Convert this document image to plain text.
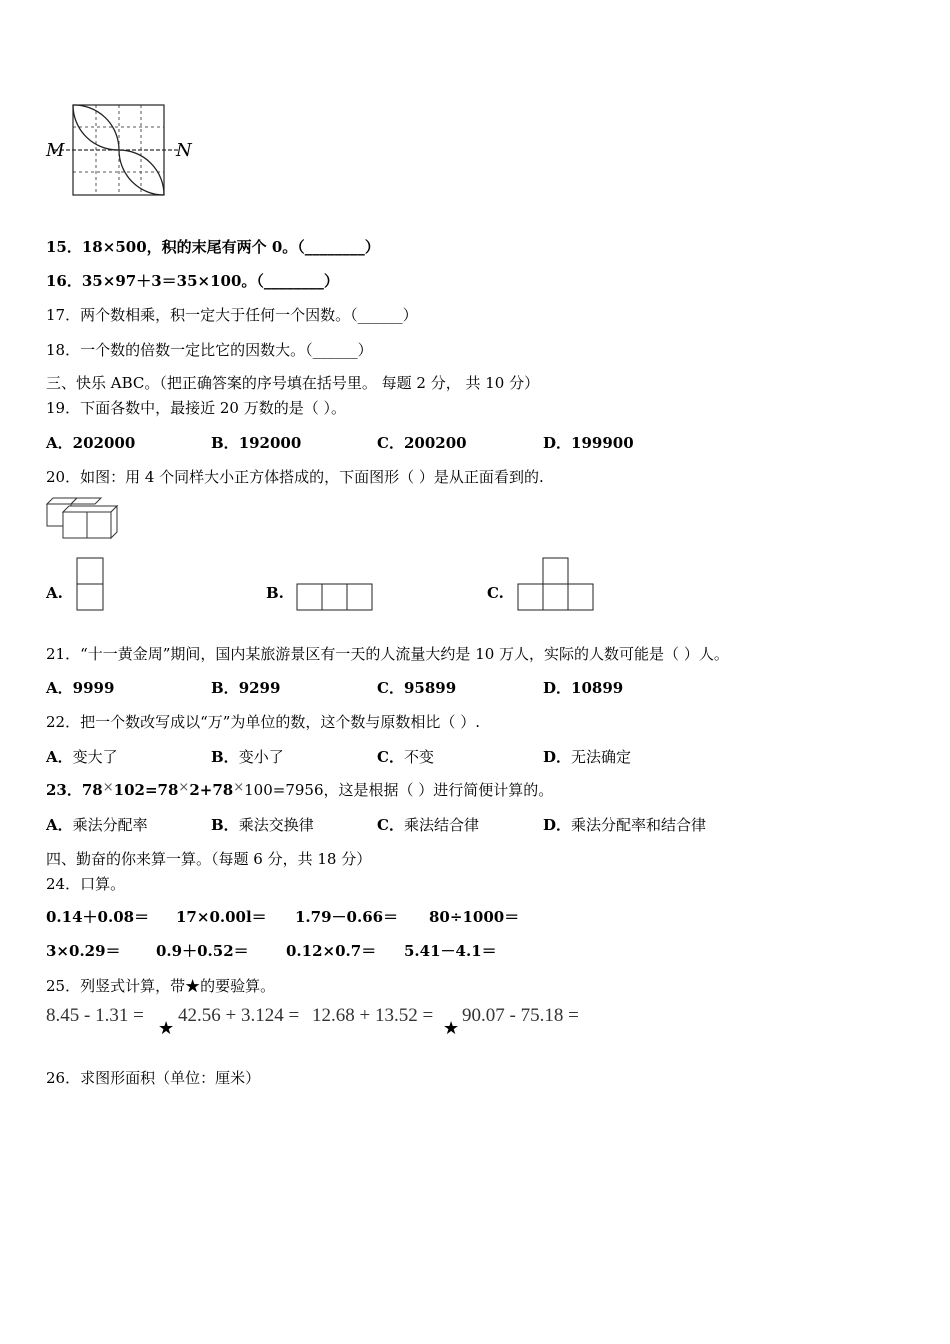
M	N
15．18×500，积的末尾有两个 0。（________）
16．35×97＋3＝35×100。（________）
17．两个数相乘，积一定大于任何一个因数。（______）
18．一个数的倍数一定比它的因数大。（______）
三、快乐 ABC。（把正确答案的序号填在括号里。 每题 2 分， 共 10 分）
19．下面各数中，最接近 20 万数的是（ ）。
A．202000	B．192000	C．200200	D．199900
20．如图：用 4 个同样大小正方体搭成的，下面图形（ ）是从正面看到的.
A.	B.	C.
21．“十一黄金周”期间，国内某旅游景区有一天的人流量大约是 10 万人，实际的人数可能是（ ）人。
A．9999	B．9299	C．95899	D．10899
22．把一个数改写成以“万”为单位的数，这个数与原数相比（ ）.
A．变大了	B．变小了	C．不变	D．无法确定
23．78×102=78×2+78×100=7956，这是根据（ ）进行简便计算的。
A．乘法分配率	B．乘法交换律	C．乘法结合律	D．乘法分配率和结合律
四、勤奋的你来算一算。（每题 6 分，共 18 分）
24．口算。
0.14＋0.08＝ 17×0.00l＝ 1.79－0.66＝ 80÷1000＝
3×0.29＝ 0.9＋0.52＝ 0.12×0.7＝ 5.41－4.1＝
25．列竖式计算，带★的要验算。
8.45 - 1.31 =
★
42.56 + 3.124 = 12.68 + 13.52 =
★
90.07 - 75.18 =
26．求图形面积（单位：厘米）
